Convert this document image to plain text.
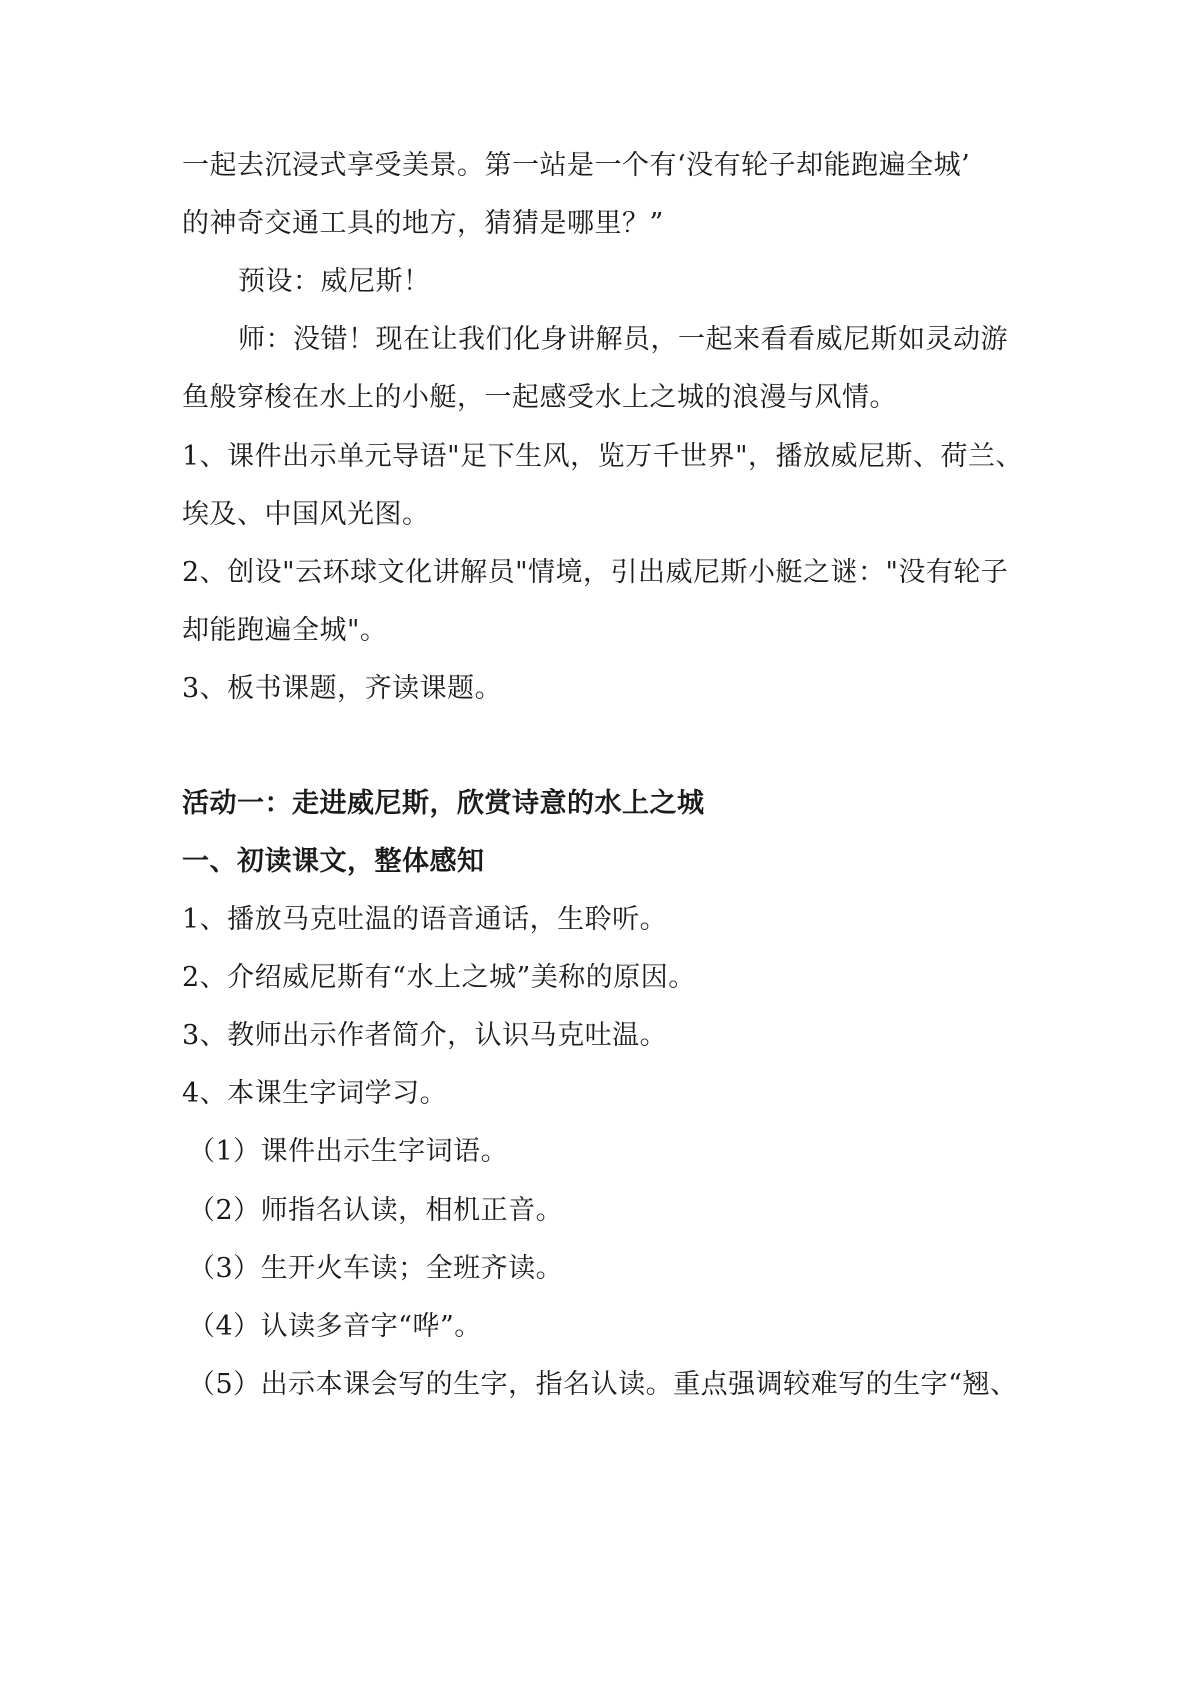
一起去沉浸式享受美景。第一站是一个有‘没有轮子却能跑遍全城’
的神奇交通工具的地方，猜猜是哪里？”
预设：威尼斯！
师：没错！现在让我们化身讲解员，一起来看看威尼斯如灵动游
鱼般穿梭在水上的小艇，一起感受水上之城的浪漫与风情。
1、课件出示单元导语"足下生风，览万千世界"，播放威尼斯、荷兰、
埃及、中国风光图。
2、创设"云环球文化讲解员"情境，引出威尼斯小艇之谜："没有轮子
却能跑遍全城"。
3、板书课题，齐读课题。
活动一：走进威尼斯，欣赏诗意的水上之城
一、初读课文，整体感知
1、播放马克吐温的语音通话，生聆听。
2、介绍威尼斯有“水上之城”美称的原因。
3、教师出示作者简介，认识马克吐温。
4、本课生字词学习。
（1）课件出示生字词语。
（2）师指名认读，相机正音。
（3）生开火车读；全班齐读。
（4）认读多音字“哗”。
（5）出示本课会写的生字，指名认读。重点强调较难写的生字“翘、
